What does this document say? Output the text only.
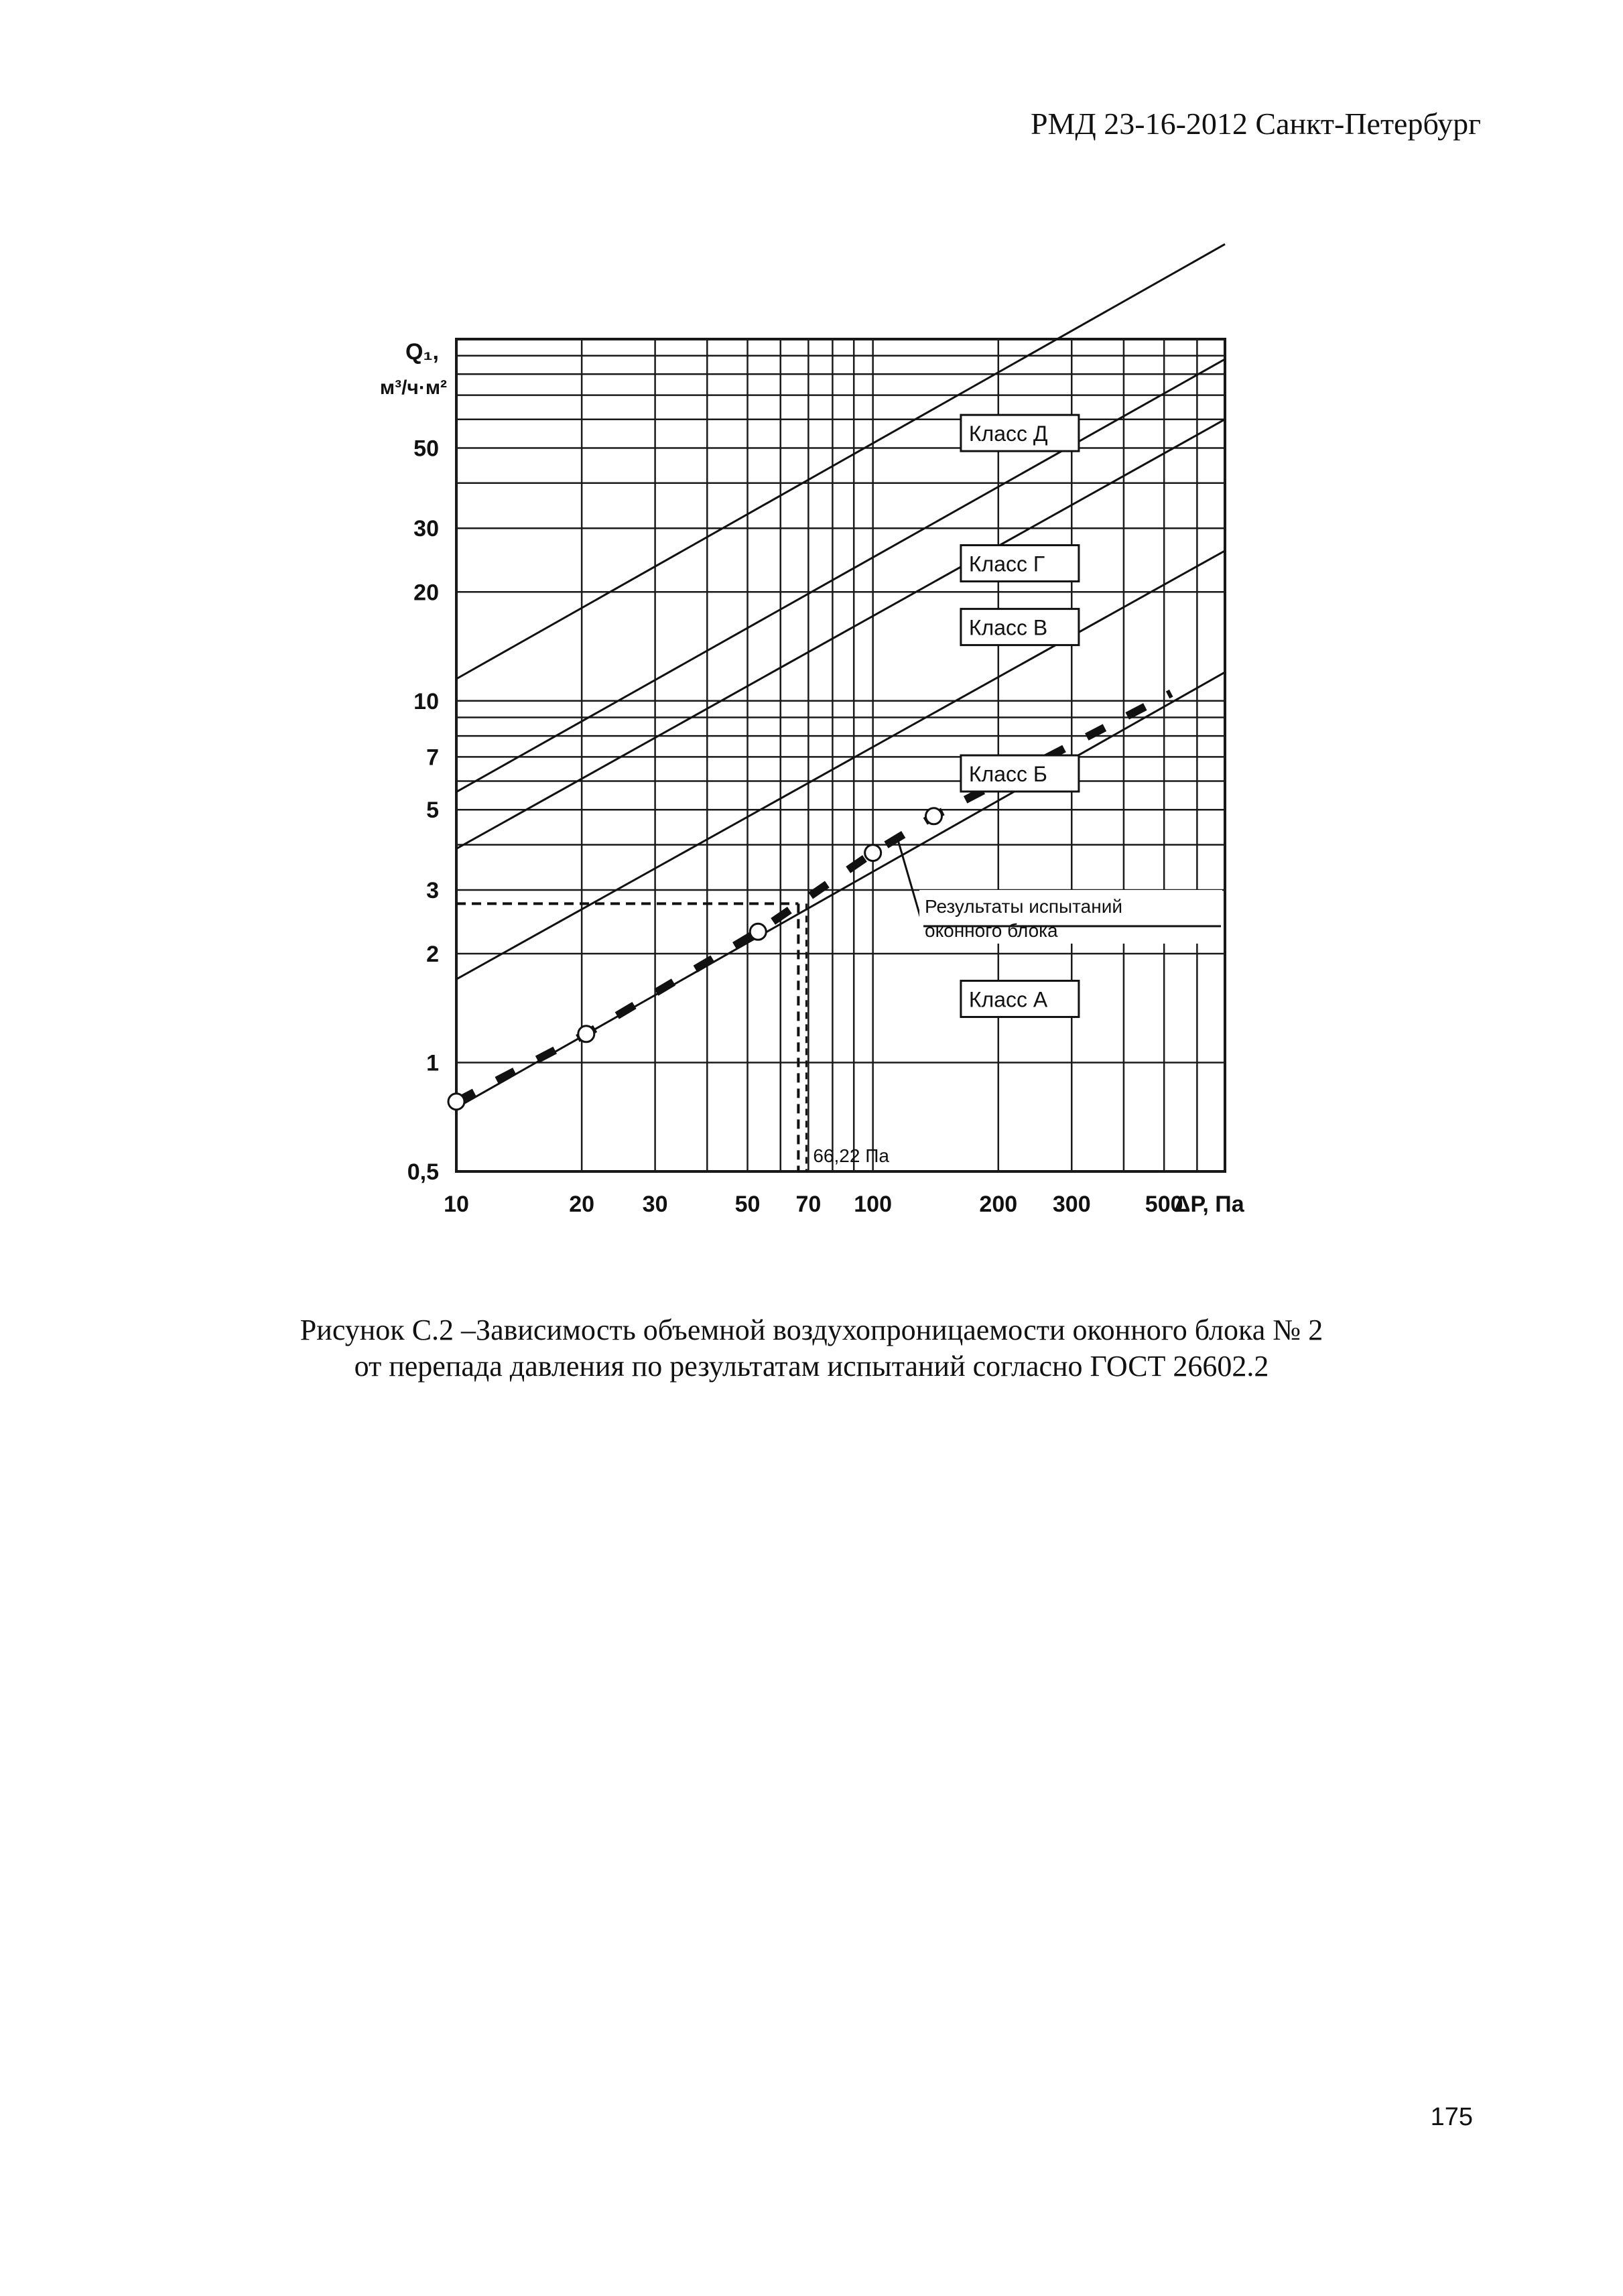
РМД 23-16-2012 Санкт-Петербург
66,22 Па
Класс Д
Класс Г
Класс В
Класс Б
Класс А
Результаты испытаний
оконного блока
10	20 30	50 70 100	200 300 500
0,5
1
2
3
5
7
10
20
30
50
Q₁,
м³/ч·м²
ΔР, Па
Рисунок С.2 –Зависимость объемной воздухопроницаемости оконного блока № 2
от перепада давления по результатам испытаний согласно ГОСТ 26602.2
175
